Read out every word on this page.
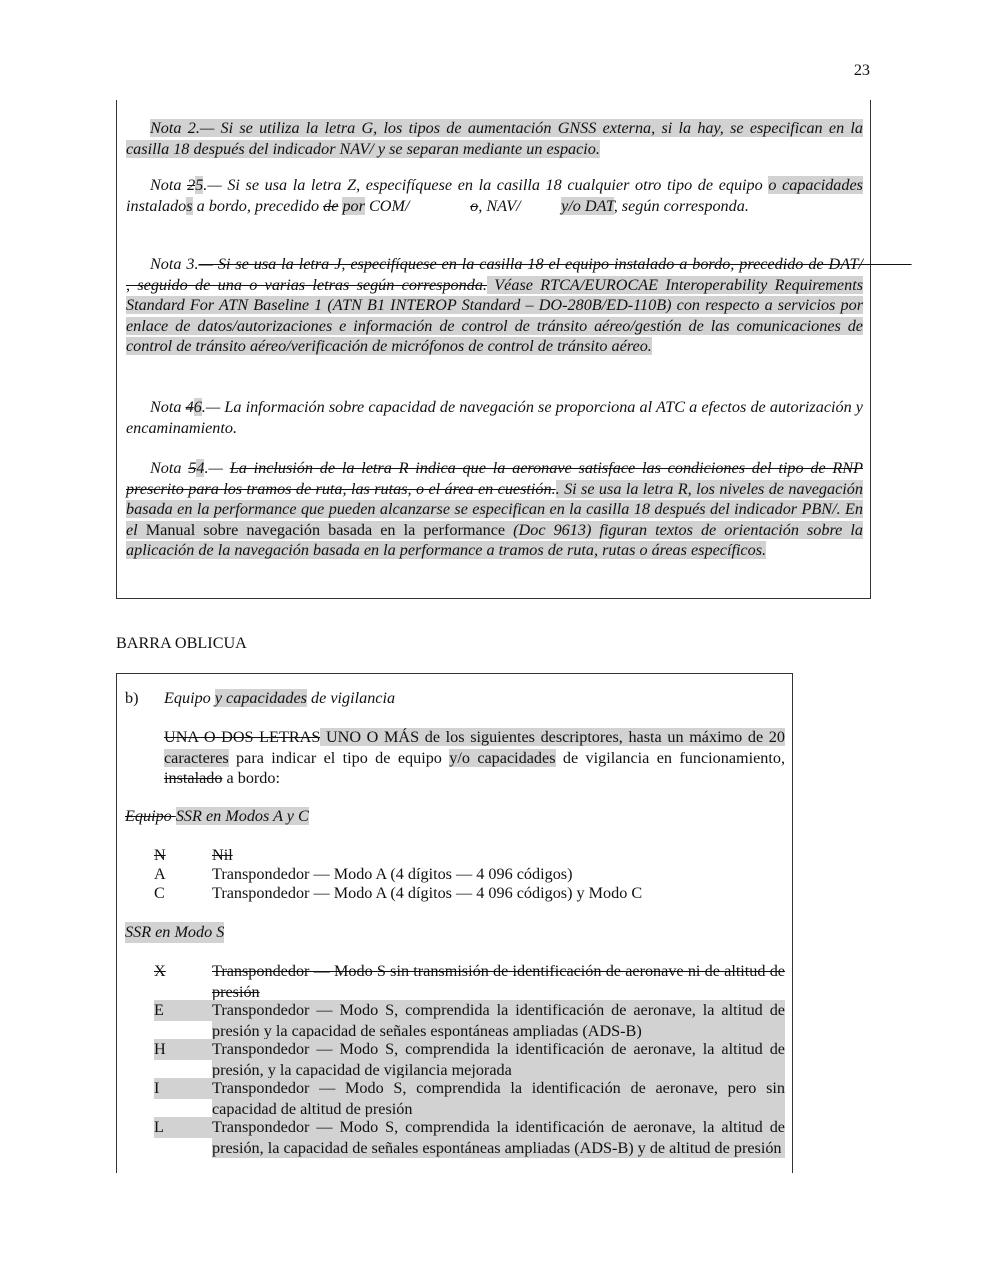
23
Nota 2.— Si se utiliza la letra G, los tipos de aumentación GNSS externa, si la hay, se especifican en la casilla 18 después del indicador NAV/ y se separan mediante un espacio.
Nota 25.— Si se usa la letra Z, especifíquese en la casilla 18 cualquier otro tipo de equipo o capacidades instalados a bordo, precedido de por COM/               o, NAV/          y/o DAT, según corresponda.
Nota 3.— Si se usa la letra J, especifíquese en la casilla 18 el equipo instalado a bordo, precedido de DAT/            , seguido de una o varias letras según corresponda. Véase RTCA/EUROCAE Interoperability Requirements Standard For ATN Baseline 1 (ATN B1 INTEROP Standard – DO-280B/ED-110B) con respecto a servicios por enlace de datos/autorizaciones e información de control de tránsito aéreo/gestión de las comunicaciones de control de tránsito aéreo/verificación de micrófonos de control de tránsito aéreo.
Nota 46.— La información sobre capacidad de navegación se proporciona al ATC a efectos de autorización y encaminamiento.
Nota 54.— La inclusión de la letra R indica que la aeronave satisface las condiciones del tipo de RNP prescrito para los tramos de ruta, las rutas, o el área en cuestión.. Si se usa la letra R, los niveles de navegación basada en la performance que pueden alcanzarse se especifican en la casilla 18 después del indicador PBN/. En el Manual sobre navegación basada en la performance (Doc 9613) figuran textos de orientación sobre la aplicación de la navegación basada en la performance a tramos de ruta, rutas o áreas específicos.
BARRA OBLICUA
b) Equipo y capacidades de vigilancia
UNA O DOS LETRAS UNO O MÁS de los siguientes descriptores, hasta un máximo de 20 caracteres para indicar el tipo de equipo y/o capacidades de vigilancia en funcionamiento, instalado a bordo:
Equipo SSR en Modos A y C
N	Nil
A	Transpondedor — Modo A (4 dígitos — 4 096 códigos)
C	Transpondedor — Modo A (4 dígitos — 4 096 códigos) y Modo C
SSR en Modo S
X	Transpondedor — Modo S sin transmisión de identificación de aeronave ni de altitud de presión
E	Transpondedor — Modo S, comprendida la identificación de aeronave, la altitud de presión y la capacidad de señales espontáneas ampliadas (ADS-B)
H	Transpondedor — Modo S, comprendida la identificación de aeronave, la altitud de presión, y la capacidad de vigilancia mejorada
I	Transpondedor — Modo S, comprendida la identificación de aeronave, pero sin capacidad de altitud de presión
L	Transpondedor — Modo S, comprendida la identificación de aeronave, la altitud de presión, la capacidad de señales espontáneas ampliadas (ADS-B) y de altitud de presión
